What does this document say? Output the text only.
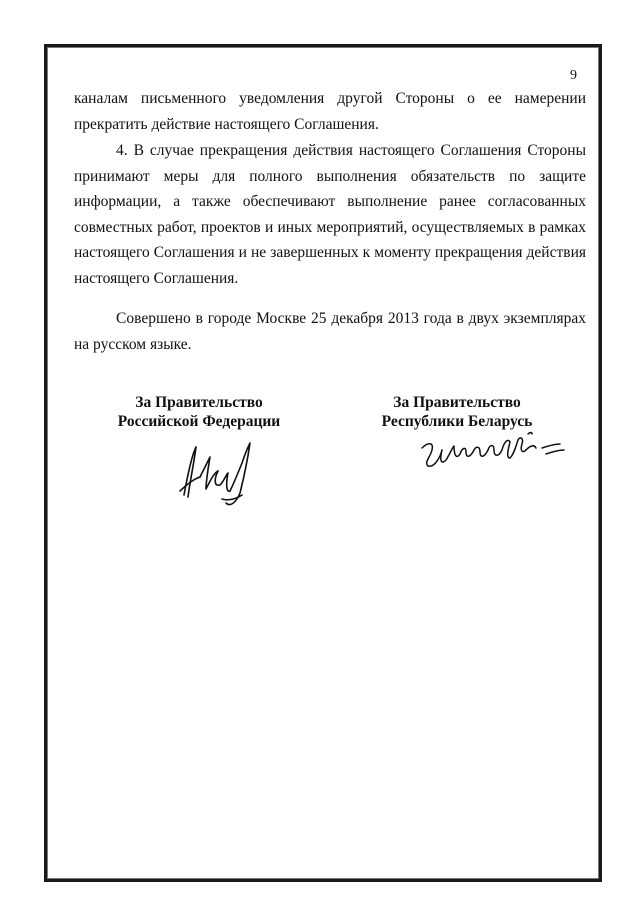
9

каналам письменного уведомления другой Стороны о ее намерении прекратить действие настоящего Соглашения.

4. В случае прекращения действия настоящего Соглашения Стороны принимают меры для полного выполнения обязательств по защите информации, а также обеспечивают выполнение ранее согласованных совместных работ, проектов и иных мероприятий, осуществляемых в рамках настоящего Соглашения и не завершенных к моменту прекращения действия настоящего Соглашения.

Совершено в городе Москве 25 декабря 2013 года в двух экземплярах на русском языке.

За Правительство
Российской Федерации
За Правительство
Республики Беларусь
